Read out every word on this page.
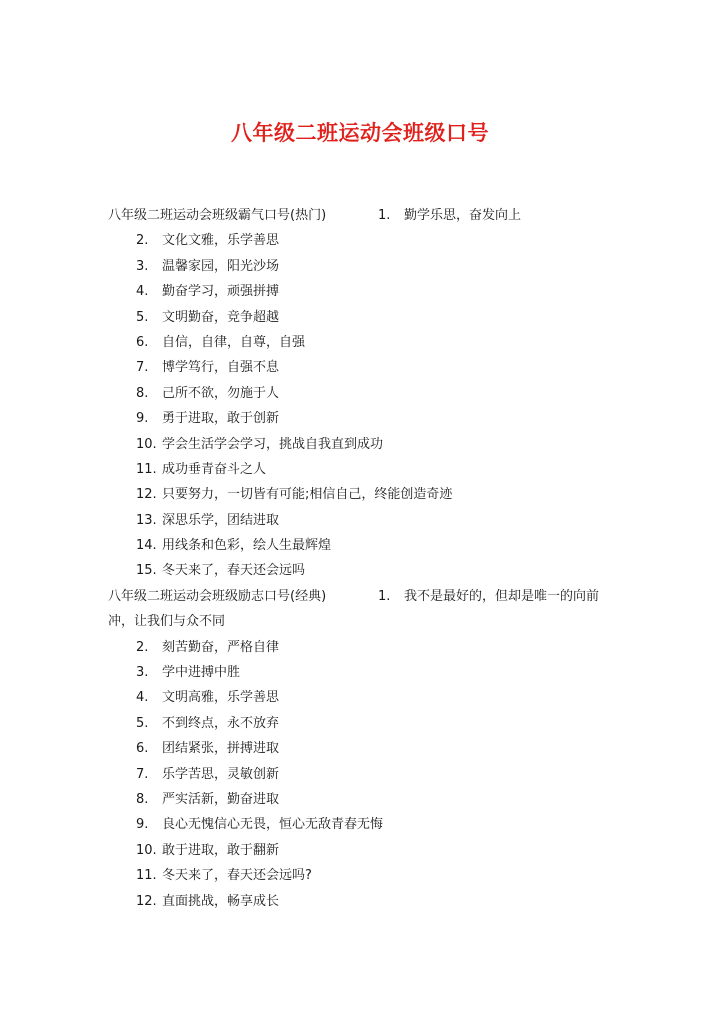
八年级二班运动会班级口号
八年级二班运动会班级霸气口号(热门)	1. 勤学乐思，奋发向上
2. 文化文雅，乐学善思
3. 温馨家园，阳光沙场
4. 勤奋学习，顽强拼搏
5. 文明勤奋，竞争超越
6. 自信，自律，自尊，自强
7. 博学笃行，自强不息
8. 己所不欲，勿施于人
9. 勇于进取，敢于创新
10. 学会生活学会学习，挑战自我直到成功
11. 成功垂青奋斗之人
12. 只要努力，一切皆有可能;相信自己，终能创造奇迹
13. 深思乐学，团结进取
14. 用线条和色彩，绘人生最辉煌
15. 冬天来了，春天还会远吗
八年级二班运动会班级励志口号(经典)	1. 我不是最好的，但却是唯一的向前
冲，让我们与众不同
2. 刻苦勤奋，严格自律
3. 学中进搏中胜
4. 文明高雅，乐学善思
5. 不到终点，永不放弃
6. 团结紧张，拼搏进取
7. 乐学苦思，灵敏创新
8. 严实活新，勤奋进取
9. 良心无愧信心无畏，恒心无敌青春无悔
10. 敢于进取，敢于翻新
11. 冬天来了，春天还会远吗?
12. 直面挑战，畅享成长
